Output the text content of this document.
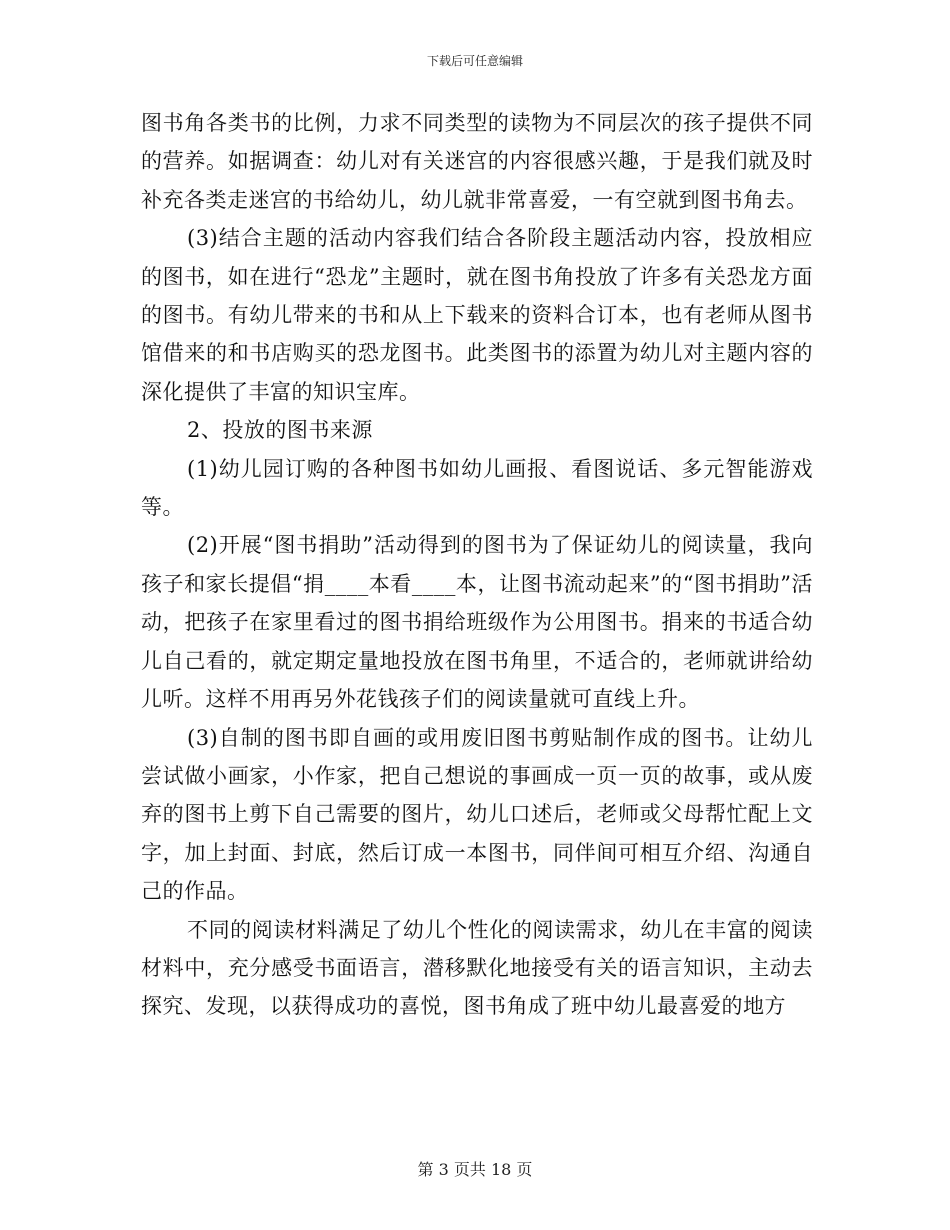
下载后可任意编辑

图书角各类书的比例，力求不同类型的读物为不同层次的孩子提供不同的营养。如据调查：幼儿对有关迷宫的内容很感兴趣，于是我们就及时补充各类走迷宫的书给幼儿，幼儿就非常喜爱，一有空就到图书角去。

(3)结合主题的活动内容我们结合各阶段主题活动内容，投放相应的图书，如在进行“恐龙”主题时，就在图书角投放了许多有关恐龙方面的图书。有幼儿带来的书和从上下载来的资料合订本，也有老师从图书馆借来的和书店购买的恐龙图书。此类图书的添置为幼儿对主题内容的深化提供了丰富的知识宝库。

2、投放的图书来源

(1)幼儿园订购的各种图书如幼儿画报、看图说话、多元智能游戏等。

(2)开展“图书捐助”活动得到的图书为了保证幼儿的阅读量，我向孩子和家长提倡“捐____本看____本，让图书流动起来”的“图书捐助”活动，把孩子在家里看过的图书捐给班级作为公用图书。捐来的书适合幼儿自己看的，就定期定量地投放在图书角里，不适合的，老师就讲给幼儿听。这样不用再另外花钱孩子们的阅读量就可直线上升。

(3)自制的图书即自画的或用废旧图书剪贴制作成的图书。让幼儿尝试做小画家，小作家，把自己想说的事画成一页一页的故事，或从废弃的图书上剪下自己需要的图片，幼儿口述后，老师或父母帮忙配上文字，加上封面、封底，然后订成一本图书，同伴间可相互介绍、沟通自己的作品。

不同的阅读材料满足了幼儿个性化的阅读需求，幼儿在丰富的阅读材料中，充分感受书面语言，潜移默化地接受有关的语言知识，主动去探究、发现，以获得成功的喜悦，图书角成了班中幼儿最喜爱的地方

第 3 页共 18 页
